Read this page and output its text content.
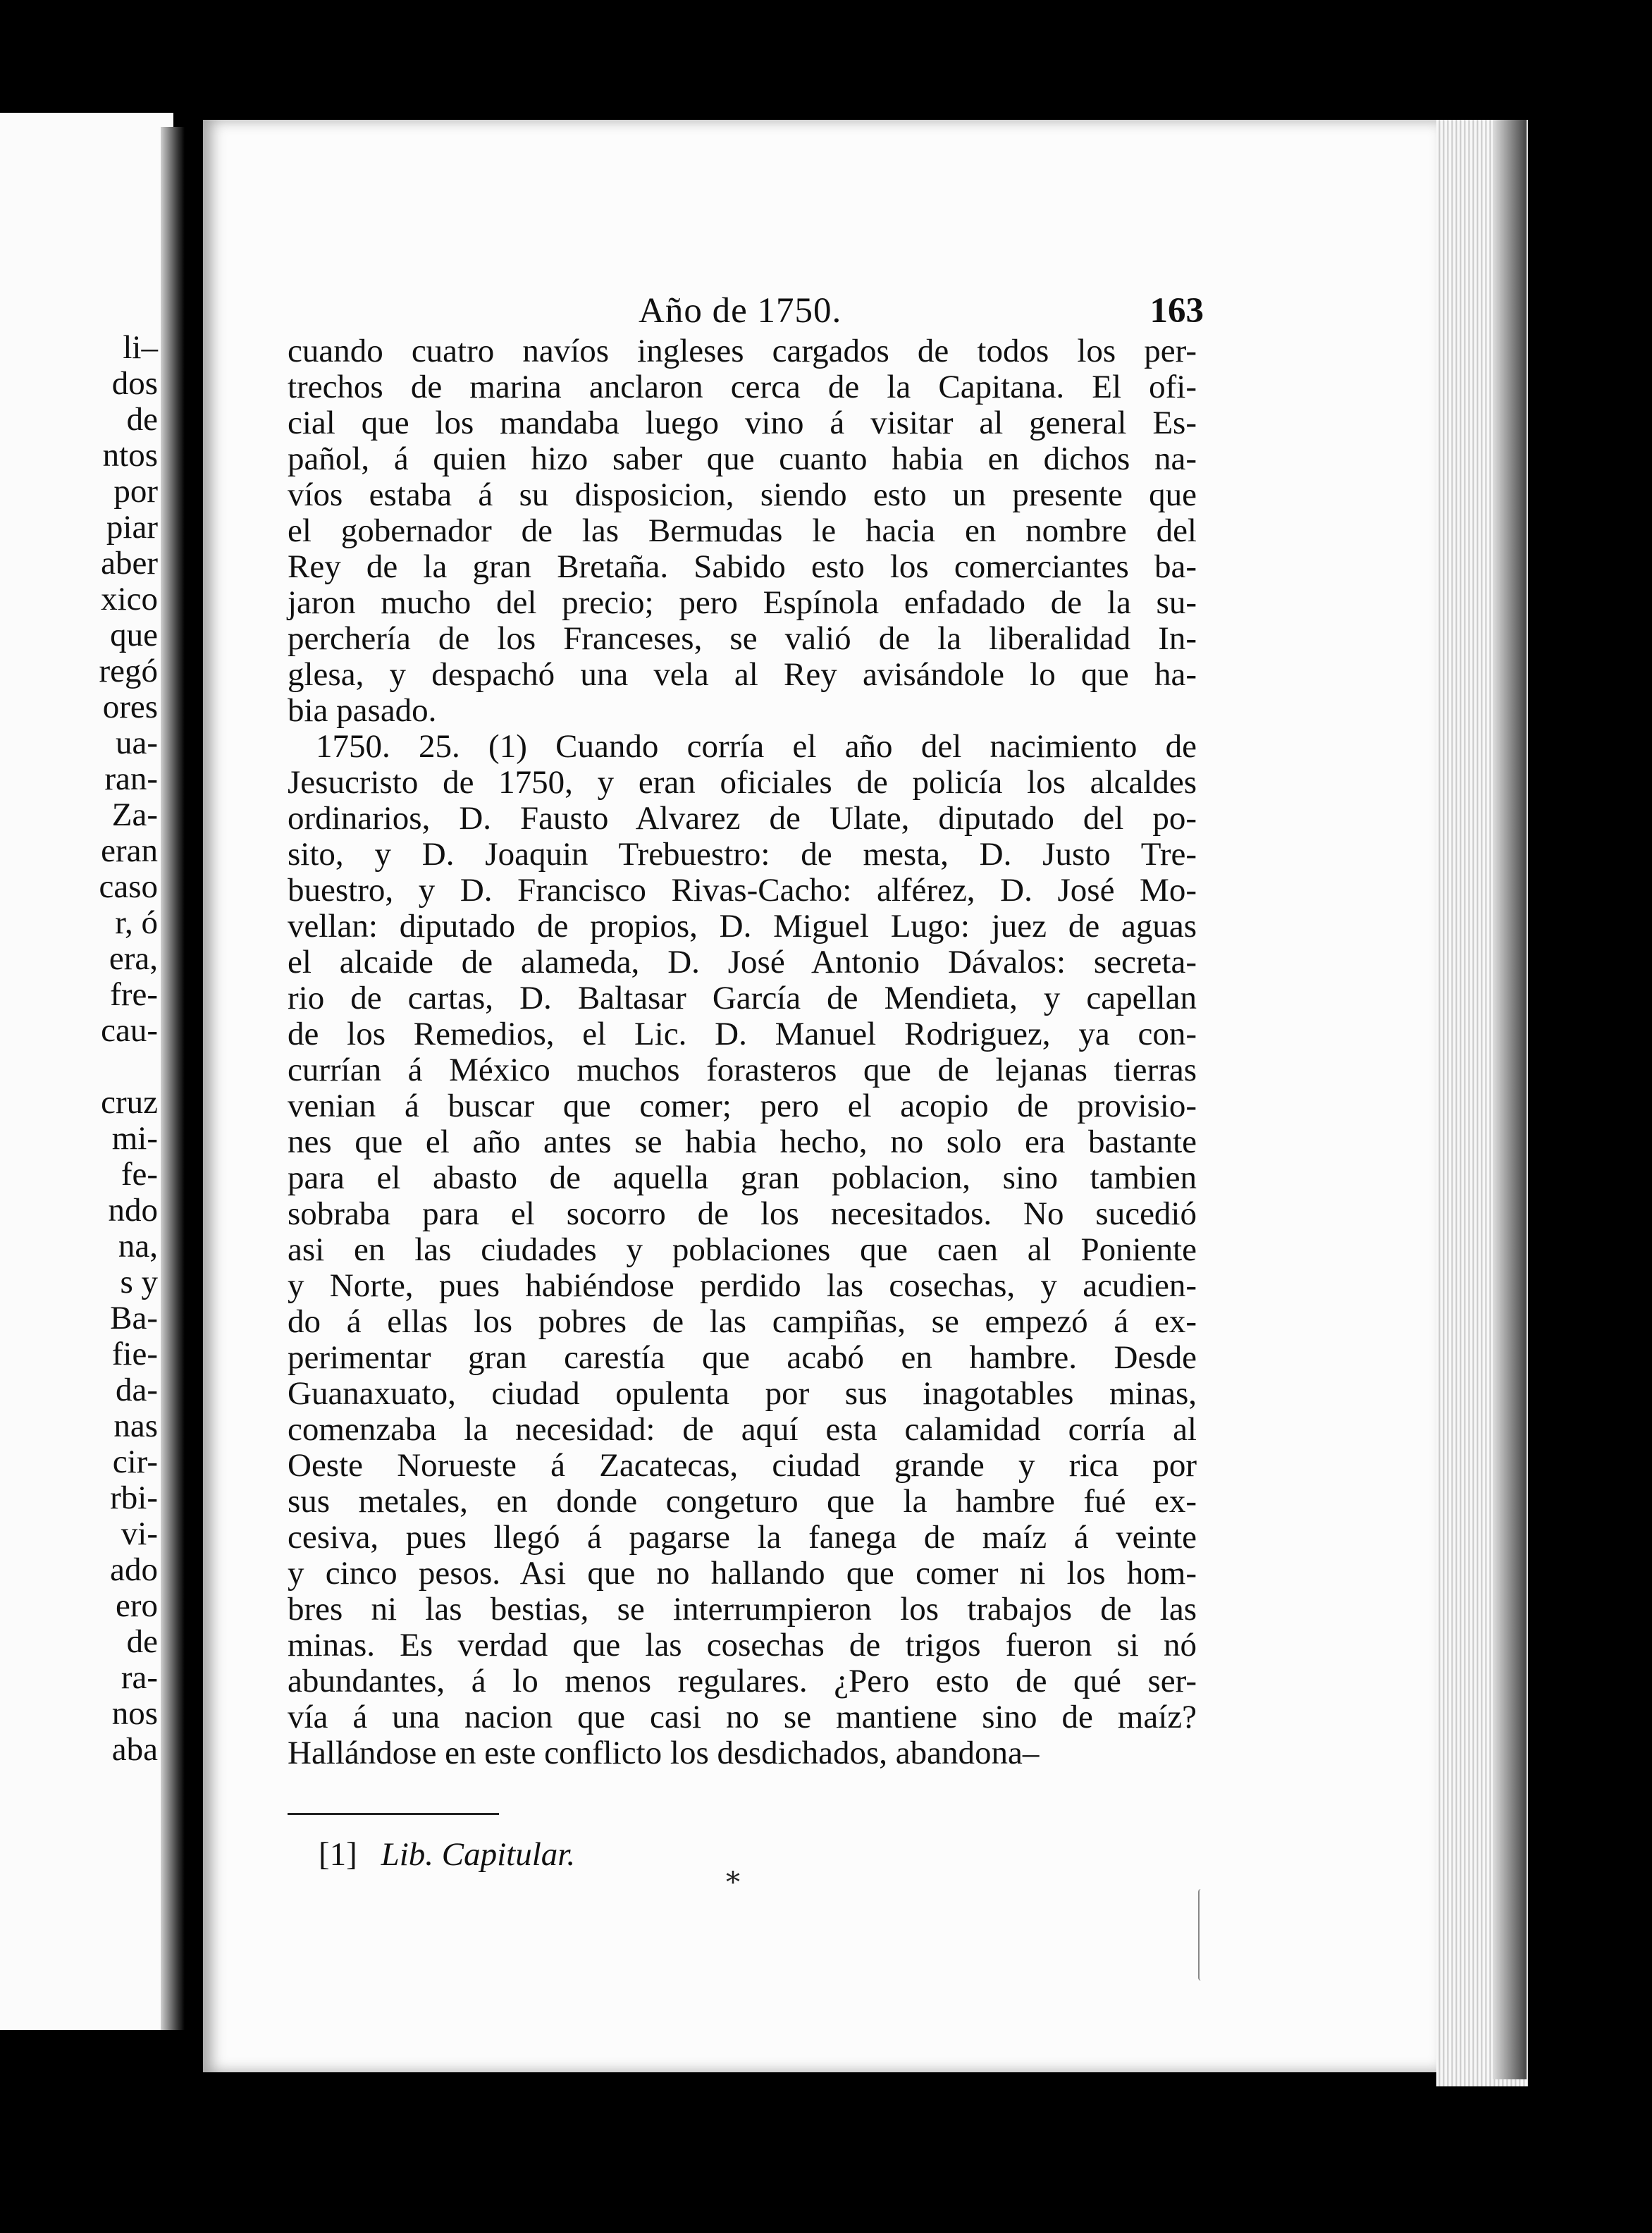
li–
dos
de
ntos
por
piar
aber
xico
que
regó
ores
ua-
ran-
Za-
eran
caso
r, ó
era,
fre-
cau-
cruz
mi-
fe-
ndo
na,
s y
Ba-
fie-
da-
nas
cir-
rbi-
vi-
ado
ero
de
ra-
nos
aba
Año de 1750.	163
cuando cuatro navíos ingleses cargados de todos los per-
trechos de marina anclaron cerca de la Capitana. El ofi-
cial que los mandaba luego vino á visitar al general Es-
pañol, á quien hizo saber que cuanto habia en dichos na-
víos estaba á su disposicion, siendo esto un presente que
el gobernador de las Bermudas le hacia en nombre del
Rey de la gran Bretaña. Sabido esto los comerciantes ba-
jaron mucho del precio; pero Espínola enfadado de la su-
perchería de los Franceses, se valió de la liberalidad In-
glesa, y despachó una vela al Rey avisándole lo que ha-
bia pasado.
1750. 25. (1) Cuando corría el año del nacimiento de
Jesucristo de 1750, y eran oficiales de policía los alcaldes
ordinarios, D. Fausto Alvarez de Ulate, diputado del po-
sito, y D. Joaquin Trebuestro: de mesta, D. Justo Tre-
buestro, y D. Francisco Rivas-Cacho: alférez, D. José Mo-
vellan: diputado de propios, D. Miguel Lugo: juez de aguas
el alcaide de alameda, D. José Antonio Dávalos: secreta-
rio de cartas, D. Baltasar García de Mendieta, y capellan
de los Remedios, el Lic. D. Manuel Rodriguez, ya con-
currían á México muchos forasteros que de lejanas tierras
venian á buscar que comer; pero el acopio de provisio-
nes que el año antes se habia hecho, no solo era bastante
para el abasto de aquella gran poblacion, sino tambien
sobraba para el socorro de los necesitados. No sucedió
asi en las ciudades y poblaciones que caen al Poniente
y Norte, pues habiéndose perdido las cosechas, y acudien-
do á ellas los pobres de las campiñas, se empezó á ex-
perimentar gran carestía que acabó en hambre. Desde
Guanaxuato, ciudad opulenta por sus inagotables minas,
comenzaba la necesidad: de aquí esta calamidad corría al
Oeste Norueste á Zacatecas, ciudad grande y rica por
sus metales, en donde congeturo que la hambre fué ex-
cesiva, pues llegó á pagarse la fanega de maíz á veinte
y cinco pesos. Asi que no hallando que comer ni los hom-
bres ni las bestias, se interrumpieron los trabajos de las
minas. Es verdad que las cosechas de trigos fueron si nó
abundantes, á lo menos regulares. ¿Pero esto de qué ser-
vía á una nacion que casi no se mantiene sino de maíz?
Hallándose en este conflicto los desdichados, abandona–
[1] Lib. Capitular.
*
